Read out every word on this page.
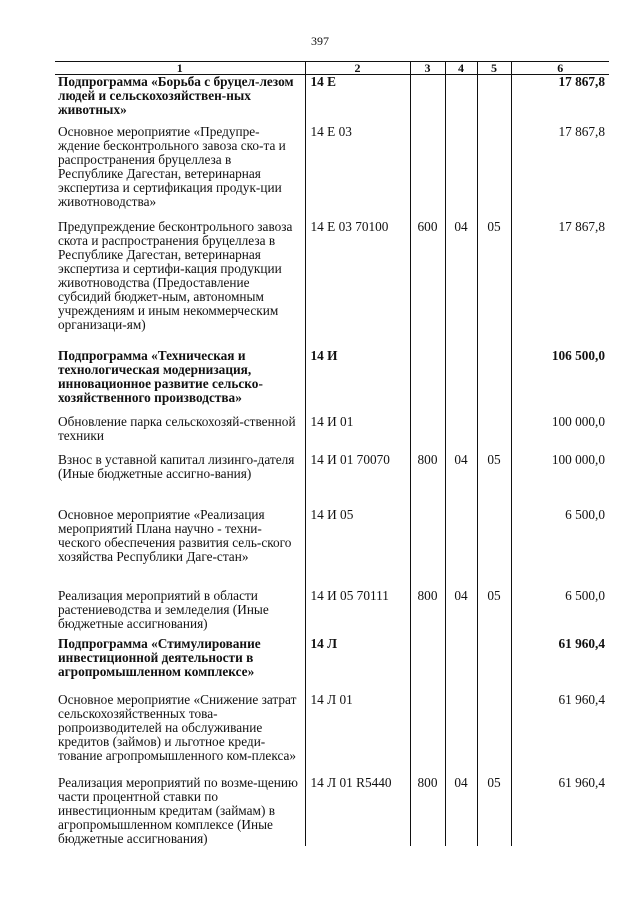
397
1	2	3	4	5	6
Подпрограмма «Борьба с бруцел-лезом людей и сельскохозяйствен-ных животных»	14 Е				17 867,8
Основное мероприятие «Предупре-ждение бесконтрольного завоза ско-та и распространения бруцеллеза в Республике Дагестан, ветеринарная экспертиза и сертификация продук-ции животноводства»	14 Е 03				17 867,8
Предупреждение бесконтрольного завоза скота и распространения бруцеллеза в Республике Дагестан, ветеринарная экспертиза и сертифи-кация продукции животноводства (Предоставление субсидий бюджет-ным, автономным учреждениям и иным некоммерческим организаци-ям)	14 Е 03 70100	600	04	05	17 867,8
Подпрограмма «Техническая и технологическая модернизация, инновационное развитие сельско-хозяйственного производства»	14 И				106 500,0
Обновление парка сельскохозяй-ственной техники	14 И 01				100 000,0
Взнос в уставной капитал лизинго-дателя (Иные бюджетные ассигно-вания)	14 И 01 70070	800	04	05	100 000,0
Основное мероприятие «Реализация мероприятий Плана научно - техни-ческого обеспечения развития сель-ского хозяйства Республики Даге-стан»	14 И 05				6 500,0
Реализация мероприятий в области растениеводства и земледелия (Иные бюджетные ассигнования)	14 И 05 70111	800	04	05	6 500,0
Подпрограмма «Стимулирование инвестиционной деятельности в агропромышленном комплексе»	14 Л				61 960,4
Основное мероприятие «Снижение затрат сельскохозяйственных това-ропроизводителей на обслуживание кредитов (займов) и льготное креди-тование агропромышленного ком-плекса»	14 Л 01				61 960,4
Реализация мероприятий по возме-щению части процентной ставки по инвестиционным кредитам (займам) в агропромышленном комплексе (Иные бюджетные ассигнования)	14 Л 01 R5440	800	04	05	61 960,4
